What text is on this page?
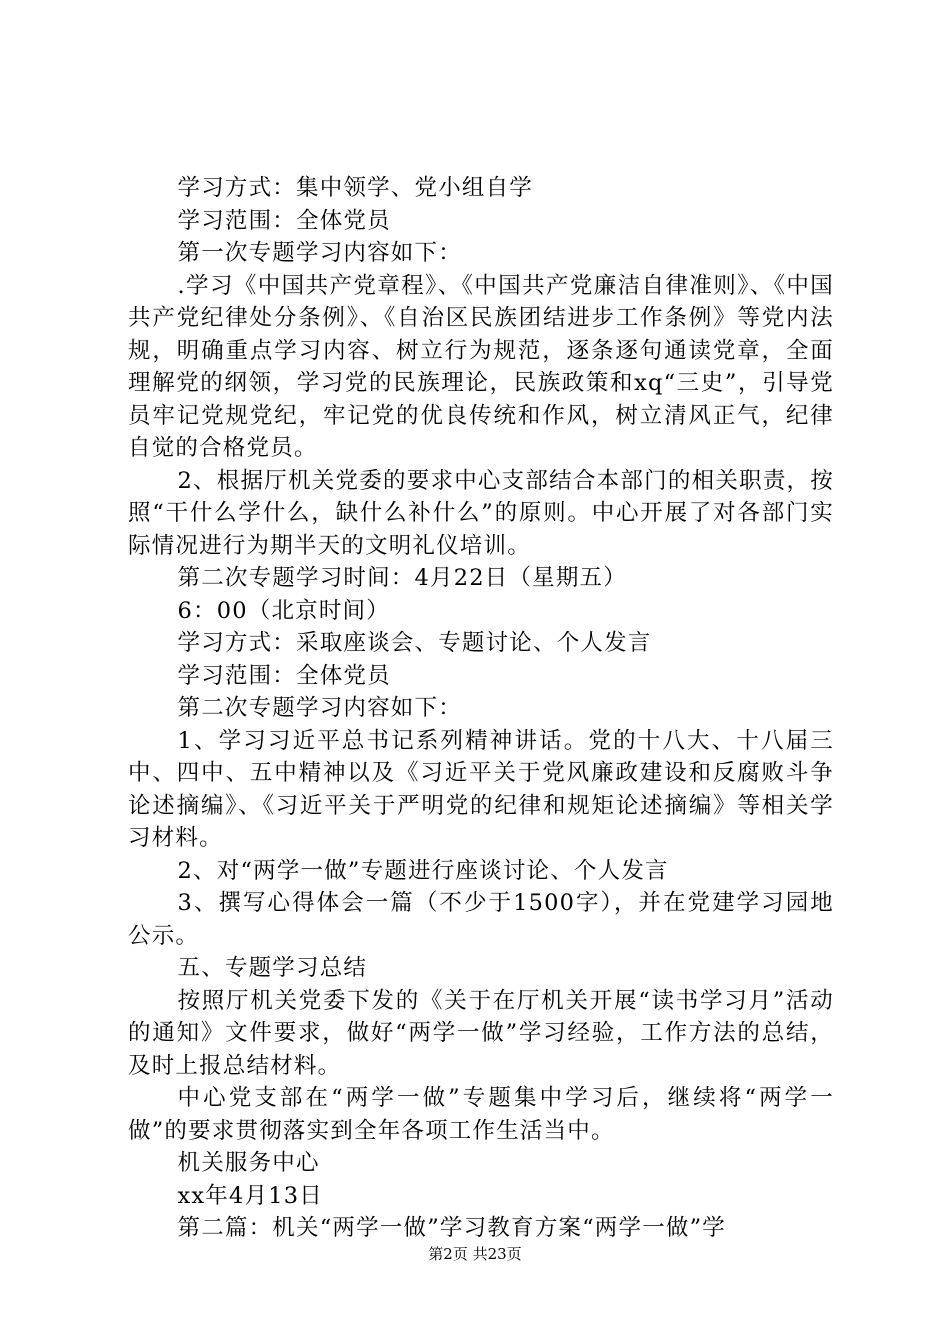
学习方式：集中领学、党小组自学

学习范围：全体党员

第一次专题学习内容如下：

.学习《中国共产党章程》、《中国共产党廉洁自律准则》、《中国共产党纪律处分条例》、《自治区民族团结进步工作条例》等党内法规，明确重点学习内容、树立行为规范，逐条逐句通读党章，全面理解党的纲领，学习党的民族理论，民族政策和xq“三史”，引导党员牢记党规党纪，牢记党的优良传统和作风，树立清风正气，纪律自觉的合格党员。

2、根据厅机关党委的要求中心支部结合本部门的相关职责，按照“干什么学什么，缺什么补什么”的原则。中心开展了对各部门实际情况进行为期半天的文明礼仪培训。

第二次专题学习时间：4月22日（星期五）

6：00（北京时间）

学习方式：采取座谈会、专题讨论、个人发言

学习范围：全体党员

第二次专题学习内容如下：

1、学习习近平总书记系列精神讲话。党的十八大、十八届三中、四中、五中精神以及《习近平关于党风廉政建设和反腐败斗争论述摘编》、《习近平关于严明党的纪律和规矩论述摘编》等相关学习材料。

2、对“两学一做”专题进行座谈讨论、个人发言

3、撰写心得体会一篇（不少于1500字），并在党建学习园地公示。

五、专题学习总结

按照厅机关党委下发的《关于在厅机关开展“读书学习月”活动的通知》文件要求，做好“两学一做”学习经验，工作方法的总结，及时上报总结材料。

中心党支部在“两学一做”专题集中学习后，继续将“两学一做”的要求贯彻落实到全年各项工作生活当中。

机关服务中心

xx年4月13日

第二篇：机关“两学一做”学习教育方案“两学一做”学

第2页 共23页
